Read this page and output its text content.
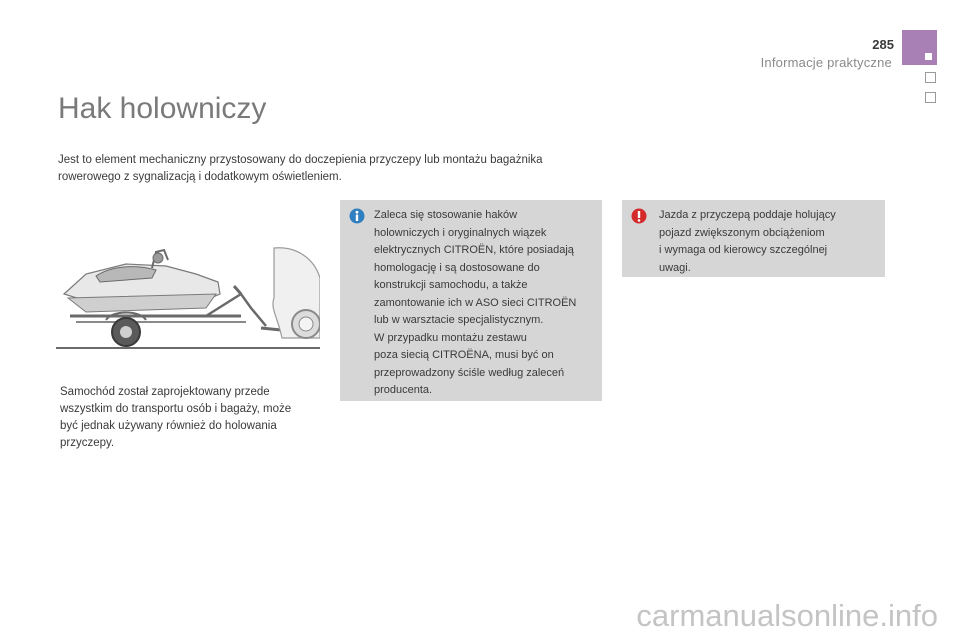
285
Informacje praktyczne
Hak holowniczy

Jest to element mechaniczny przystosowany do doczepienia przyczepy lub montażu bagażnika rowerowego z sygnalizacją i dodatkowym oświetleniem.

Samochód został zaprojektowany przede wszystkim do transportu osób i bagaży, może być jednak używany również do holowania przyczepy.

Zaleca się stosowanie haków
holowniczych i oryginalnych wiązek
elektrycznych CITROËN, które posiadają
homologację i są dostosowane do
konstrukcji samochodu, a także
zamontowanie ich w ASO sieci CITROËN
lub w warsztacie specjalistycznym.
W przypadku montażu zestawu
poza siecią CITROËNA, musi być on
przeprowadzony ściśle według zaleceń
producenta.

Jazda z przyczepą poddaje holujący
pojazd zwiększonym obciążeniom
i wymaga od kierowcy szczególnej
uwagi.

carmanualsonline.info
